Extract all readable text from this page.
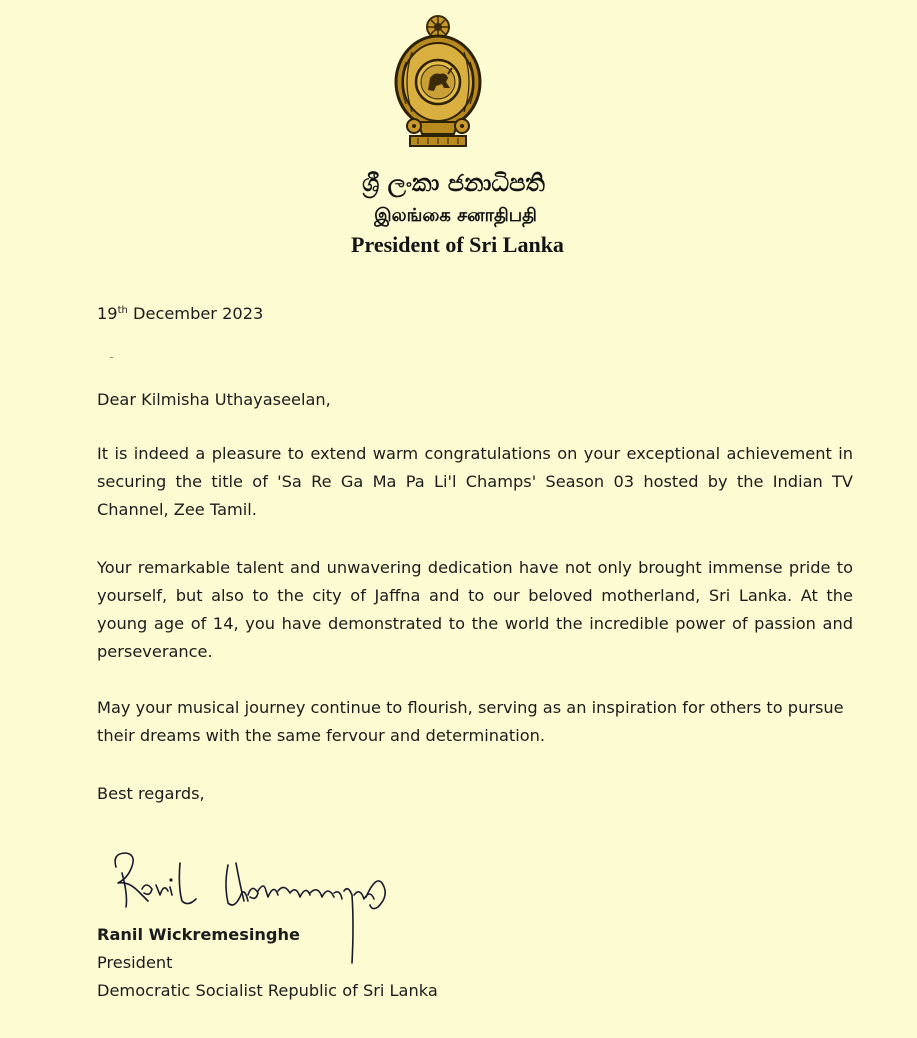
ශ්‍රී ලංකා ජනාධිපති
இலங்கை சனாதிபதி
President of Sri Lanka
19th December 2023
Dear Kilmisha Uthayaseelan,

It is indeed a pleasure to extend warm congratulations on your exceptional achievement in securing the title of 'Sa Re Ga Ma Pa Li'l Champs' Season 03 hosted by the Indian TV Channel, Zee Tamil.

Your remarkable talent and unwavering dedication have not only brought immense pride to yourself, but also to the city of Jaffna and to our beloved motherland, Sri Lanka. At the young age of 14, you have demonstrated to the world the incredible power of passion and perseverance.

May your musical journey continue to flourish, serving as an inspiration for others to pursue their dreams with the same fervour and determination.

Best regards,
Ranil Wickremesinghe
President
Democratic Socialist Republic of Sri Lanka
